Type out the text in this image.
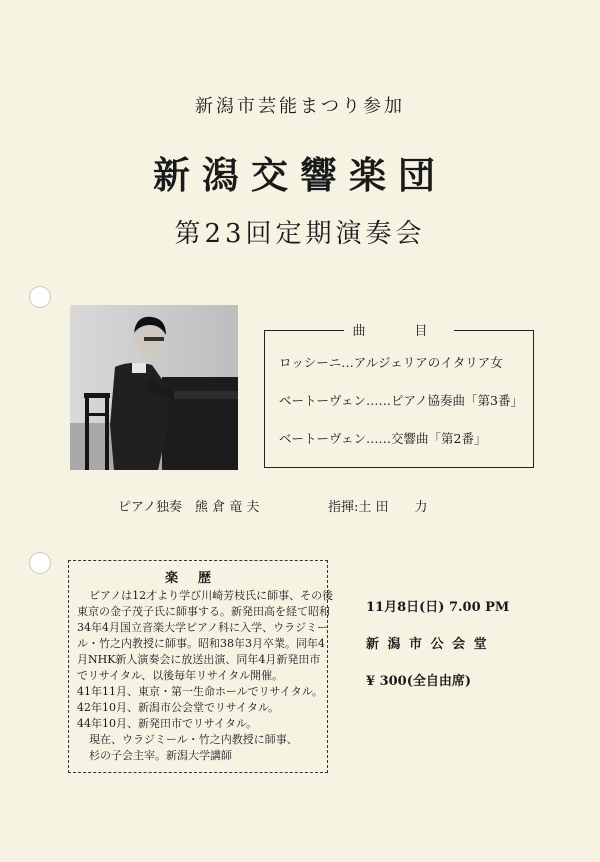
新潟市芸能まつり参加
新潟交響楽団
第23回定期演奏会
曲　目
ロッシーニ…アルジェリアのイタリア女
ベートーヴェン……ピアノ協奏曲「第3番」
ベートーヴェン……交響曲「第2番」
ピアノ独奏　熊 倉 竜 夫	指揮:土 田　　力
楽歴
ピアノは12才より学び川崎芳枝氏に師事、その後
東京の金子茂子氏に師事する。新発田高を経て昭和
34年4月国立音楽大学ピアノ科に入学、ウラジミー
ル・竹之内教授に師事。昭和38年3月卒業。同年4
月NHK新人演奏会に放送出演、同年4月新発田市
でリサイタル、以後毎年リサイタル開催。
41年11月、東京・第一生命ホールでリサイタル。
42年10月、新潟市公会堂でリサイタル。
44年10月、新発田市でリサイタル。
現在、ウラジミール・竹之内教授に師事、
杉の子会主宰。新潟大学講師
11月8日(日) 7.00 PM
新 潟 市 公 会 堂
¥ 300(全自由席)
